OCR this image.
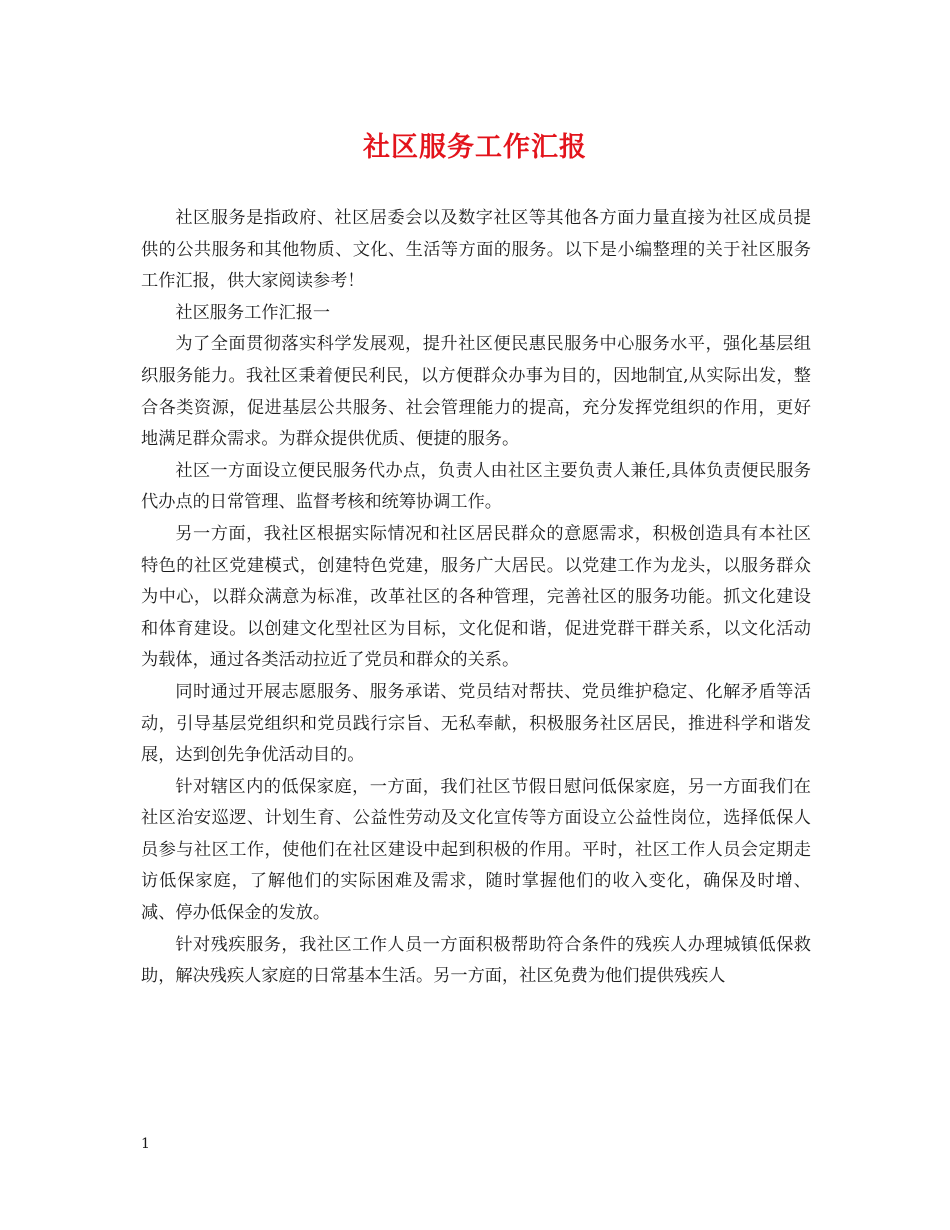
社区服务工作汇报

社区服务是指政府、社区居委会以及数字社区等其他各方面力量直接为社区成员提供的公共服务和其他物质、文化、生活等方面的服务。以下是小编整理的关于社区服务工作汇报，供大家阅读参考！

社区服务工作汇报一

为了全面贯彻落实科学发展观，提升社区便民惠民服务中心服务水平，强化基层组织服务能力。我社区秉着便民利民，以方便群众办事为目的，因地制宜,从实际出发，整合各类资源，促进基层公共服务、社会管理能力的提高，充分发挥党组织的作用，更好地满足群众需求。为群众提供优质、便捷的服务。

社区一方面设立便民服务代办点，负责人由社区主要负责人兼任,具体负责便民服务代办点的日常管理、监督考核和统筹协调工作。

另一方面，我社区根据实际情况和社区居民群众的意愿需求，积极创造具有本社区特色的社区党建模式，创建特色党建，服务广大居民。以党建工作为龙头，以服务群众为中心，以群众满意为标准，改革社区的各种管理，完善社区的服务功能。抓文化建设和体育建设。以创建文化型社区为目标，文化促和谐，促进党群干群关系，以文化活动为载体，通过各类活动拉近了党员和群众的关系。

同时通过开展志愿服务、服务承诺、党员结对帮扶、党员维护稳定、化解矛盾等活动，引导基层党组织和党员践行宗旨、无私奉献，积极服务社区居民，推进科学和谐发展，达到创先争优活动目的。

针对辖区内的低保家庭，一方面，我们社区节假日慰问低保家庭，另一方面我们在社区治安巡逻、计划生育、公益性劳动及文化宣传等方面设立公益性岗位，选择低保人员参与社区工作，使他们在社区建设中起到积极的作用。平时，社区工作人员会定期走访低保家庭，了解他们的实际困难及需求，随时掌握他们的收入变化，确保及时增、减、停办低保金的发放。

针对残疾服务，我社区工作人员一方面积极帮助符合条件的残疾人办理城镇低保救助，解决残疾人家庭的日常基本生活。另一方面，社区免费为他们提供残疾人

1
